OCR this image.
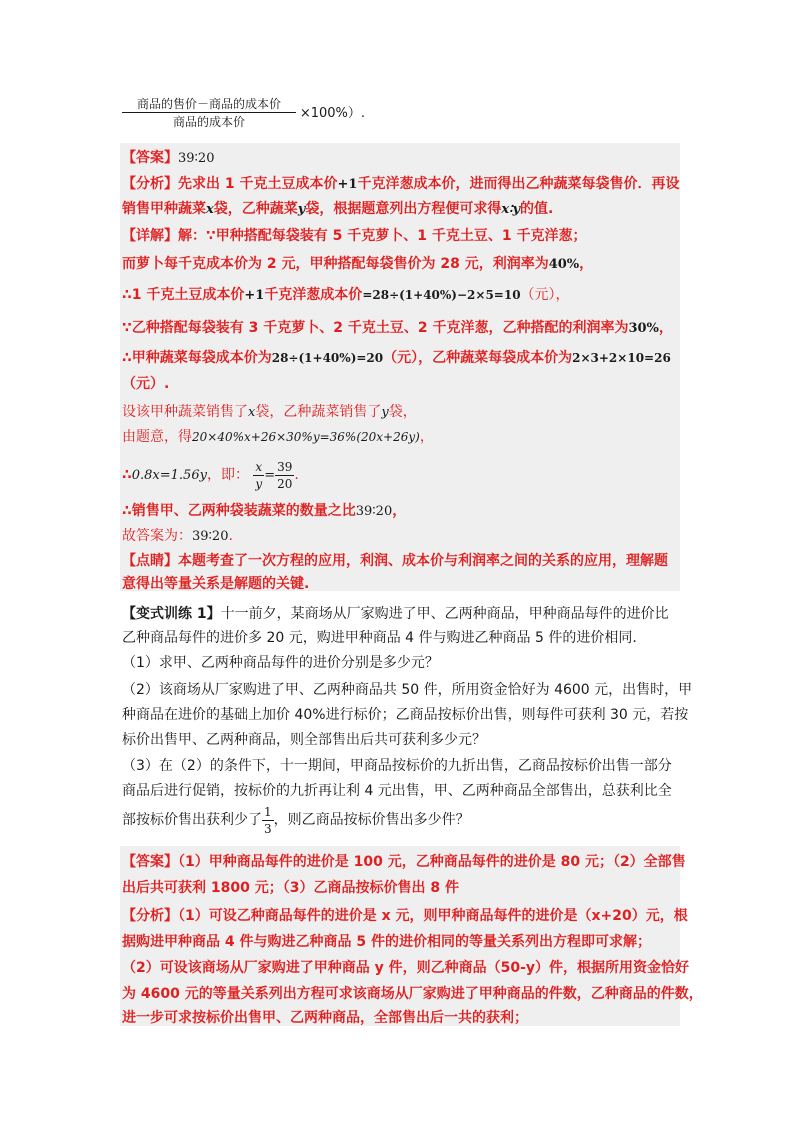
$\frac{\text{商品的售价－商品的成本价}}{\text{商品的成本价}} \times 100\%$）.
【答案】39∶20
【分析】先求出 1 千克土豆成本价+1千克洋葱成本价，进而得出乙种蔬菜每袋售价．再设
销售甲种蔬菜x袋，乙种蔬菜y袋，根据题意列出方程便可求得x∶y的值.
【详解】解：∵甲种搭配每袋装有 5 千克萝卜、1 千克土豆、1 千克洋葱；
而萝卜每千克成本价为 2 元，甲种搭配每袋售价为 28 元，利润率为40%，
∴1 千克土豆成本价+1千克洋葱成本价=28÷(1+40%)−2×5=10（元），
∵乙种搭配每袋装有 3 千克萝卜、2 千克土豆、2 千克洋葱，乙种搭配的利润率为30%，
∴甲种蔬菜每袋成本价为28÷(1+40%)=20（元），乙种蔬菜每袋成本价为2×3+2×10=26
（元）.
设该甲种蔬菜销售了x袋，乙种蔬菜销售了y袋，
由题意，得20×40%x+26×30%y=36%(20x+26y)，
∴0.8x=1.56y，即： $\frac{x}{y} = \frac{39}{20}$ .
∴销售甲、乙两种袋装蔬菜的数量之比39∶20，
故答案为：39∶20.
【点睛】本题考查了一次方程的应用，利润、成本价与利润率之间的关系的应用，理解题
意得出等量关系是解题的关键.
【变式训练 1】十一前夕，某商场从厂家购进了甲、乙两种商品，甲种商品每件的进价比
乙种商品每件的进价多 20 元，购进甲种商品 4 件与购进乙种商品 5 件的进价相同.
（1）求甲、乙两种商品每件的进价分别是多少元？
（2）该商场从厂家购进了甲、乙两种商品共 50 件，所用资金恰好为 4600 元，出售时，甲
种商品在进价的基础上加价 40%进行标价；乙商品按标价出售，则每件可获利 30 元，若按
标价出售甲、乙两种商品，则全部售出后共可获利多少元？
（3）在（2）的条件下，十一期间，甲商品按标价的九折出售，乙商品按标价出售一部分
商品后进行促销，按标价的九折再让利 4 元出售，甲、乙两种商品全部售出，总获利比全
部按标价售出获利少了 $\frac{1}{3}$ ，则乙商品按标价售出多少件？
【答案】（1）甲种商品每件的进价是 100 元，乙种商品每件的进价是 80 元；（2）全部售
出后共可获利 1800 元；（3）乙商品按标价售出 8 件
【分析】（1）可设乙种商品每件的进价是 x 元，则甲种商品每件的进价是（x+20）元，根
据购进甲种商品 4 件与购进乙种商品 5 件的进价相同的等量关系列出方程即可求解；
（2）可设该商场从厂家购进了甲种商品 y 件，则乙种商品（50-y）件，根据所用资金恰好
为 4600 元的等量关系列出方程可求该商场从厂家购进了甲种商品的件数，乙种商品的件数，
进一步可求按标价出售甲、乙两种商品，全部售出后一共的获利；
